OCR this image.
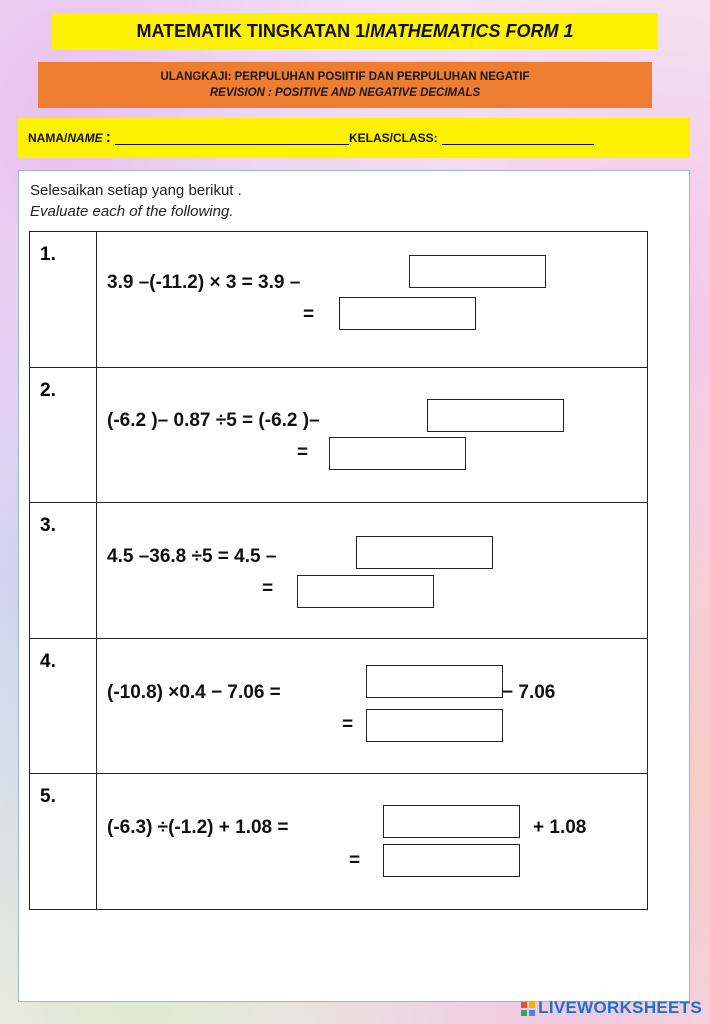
MATEMATIK TINGKATAN 1/ MATHEMATICS FORM 1
ULANGKAJI: PERPULUHAN POSIITIF DAN PERPULUHAN NEGATIF
REVISION : POSITIVE AND NEGATIVE DECIMALS
NAMA/ NAME :	KELAS/CLASS:
Selesaikan setiap yang berikut .
Evaluate each of the following.
1.	3.9 –(-11.2) × 3 = 3.9 –
=

2.	(-6.2 )– 0.87 ÷5 = (-6.2 )–
=

3.	4.5 –36.8 ÷5 = 4.5 –
=

4.	(-10.8) ×0.4 − 7.06 = − 7.06
=

5.	(-6.3) ÷(-1.2) + 1.08 = + 1.08
=
LIVEWORKSHEETS
